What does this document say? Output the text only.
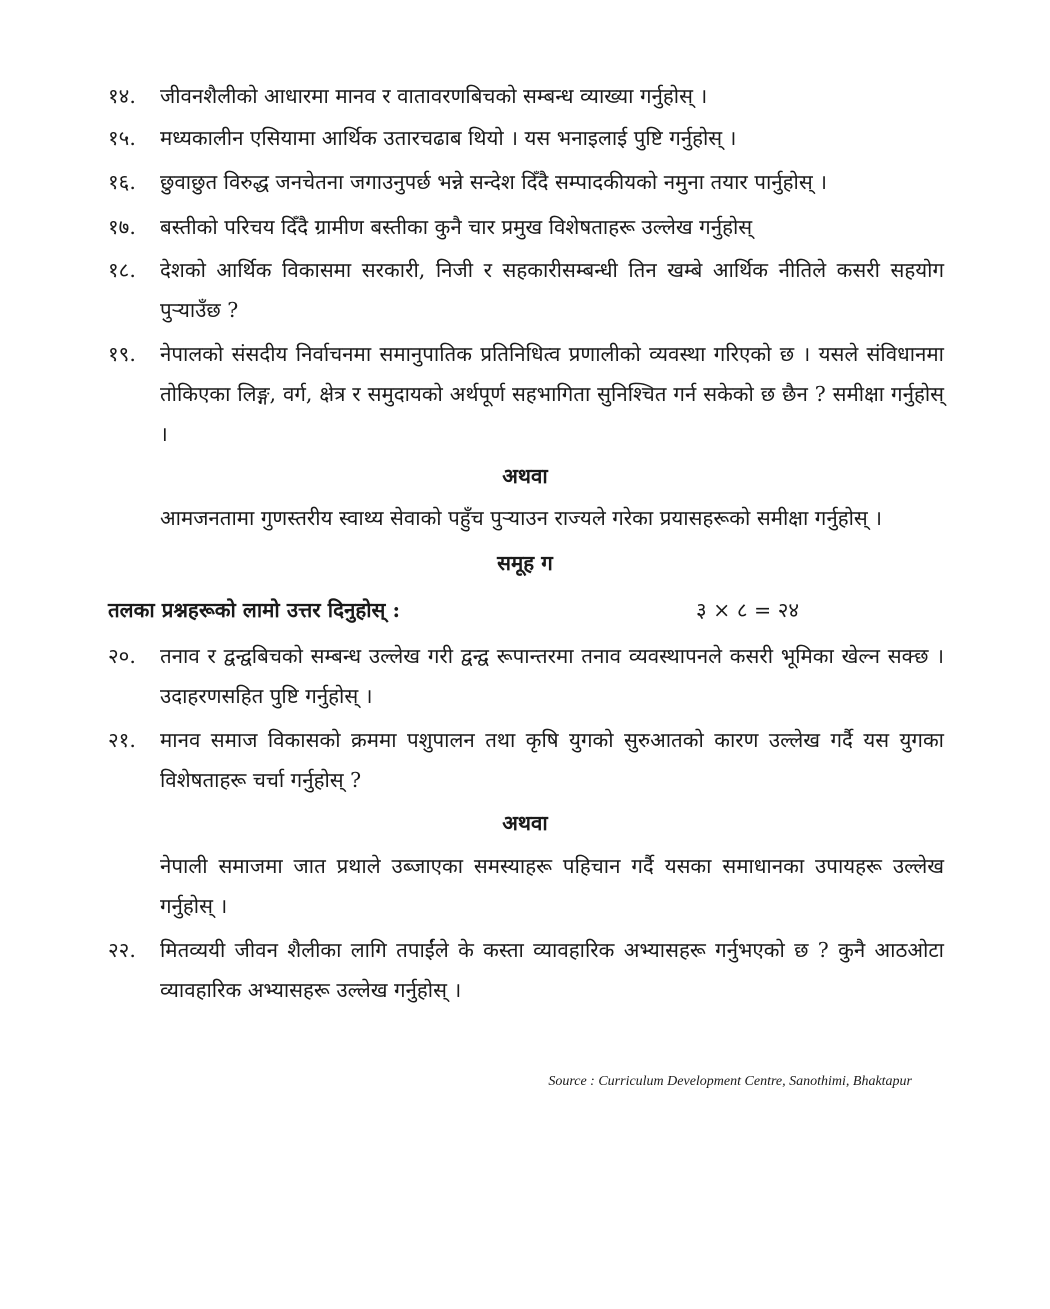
१४.	जीवनशैलीको आधारमा मानव र वातावरणबिचको सम्बन्ध व्याख्या गर्नुहोस् ।
१५.	मध्यकालीन एसियामा आर्थिक उतारचढाब थियो । यस भनाइलाई पुष्टि गर्नुहोस् ।
१६.	छुवाछुत विरुद्ध जनचेतना जगाउनुपर्छ भन्ने सन्देश दिँदै सम्पादकीयको नमुना तयार पार्नुहोस् ।
१७.	बस्तीको परिचय दिँदै ग्रामीण बस्तीका कुनै चार प्रमुख विशेषताहरू उल्लेख गर्नुहोस्
१८.	देशको आर्थिक विकासमा सरकारी, निजी र सहकारीसम्बन्धी तिन खम्बे आर्थिक नीतिले कसरी सहयोग पुऱ्याउँछ ?
१९.	नेपालको संसदीय निर्वाचनमा समानुपातिक प्रतिनिधित्व प्रणालीको व्यवस्था गरिएको छ । यसले संविधानमा तोकिएका लिङ्ग, वर्ग, क्षेत्र र समुदायको अर्थपूर्ण सहभागिता सुनिश्चित गर्न सकेको छ छैन ? समीक्षा गर्नुहोस् ।
अथवा
आमजनतामा गुणस्तरीय स्वाथ्य सेवाको पहुँच पुऱ्याउन राज्यले गरेका प्रयासहरूको समीक्षा गर्नुहोस् ।
समूह ग
तलका प्रश्नहरूको लामो उत्तर दिनुहोस् :	३ × ८ = २४
२०.	तनाव र द्वन्द्वबिचको सम्बन्ध उल्लेख गरी द्वन्द्व रूपान्तरमा तनाव व्यवस्थापनले कसरी भूमिका खेल्न सक्छ । उदाहरणसहित पुष्टि गर्नुहोस् ।
२१.	मानव समाज विकासको क्रममा पशुपालन तथा कृषि युगको सुरुआतको कारण उल्लेख गर्दै यस युगका विशेषताहरू चर्चा गर्नुहोस् ?
अथवा
नेपाली समाजमा जात प्रथाले उब्जाएका समस्याहरू पहिचान गर्दै यसका समाधानका उपायहरू उल्लेख गर्नुहोस् ।
२२.	मितव्ययी जीवन शैलीका लागि तपाईंले के कस्ता व्यावहारिक अभ्यासहरू गर्नुभएको छ ? कुनै आठओटा व्यावहारिक अभ्यासहरू उल्लेख गर्नुहोस् ।
Source : Curriculum Development Centre, Sanothimi, Bhaktapur
